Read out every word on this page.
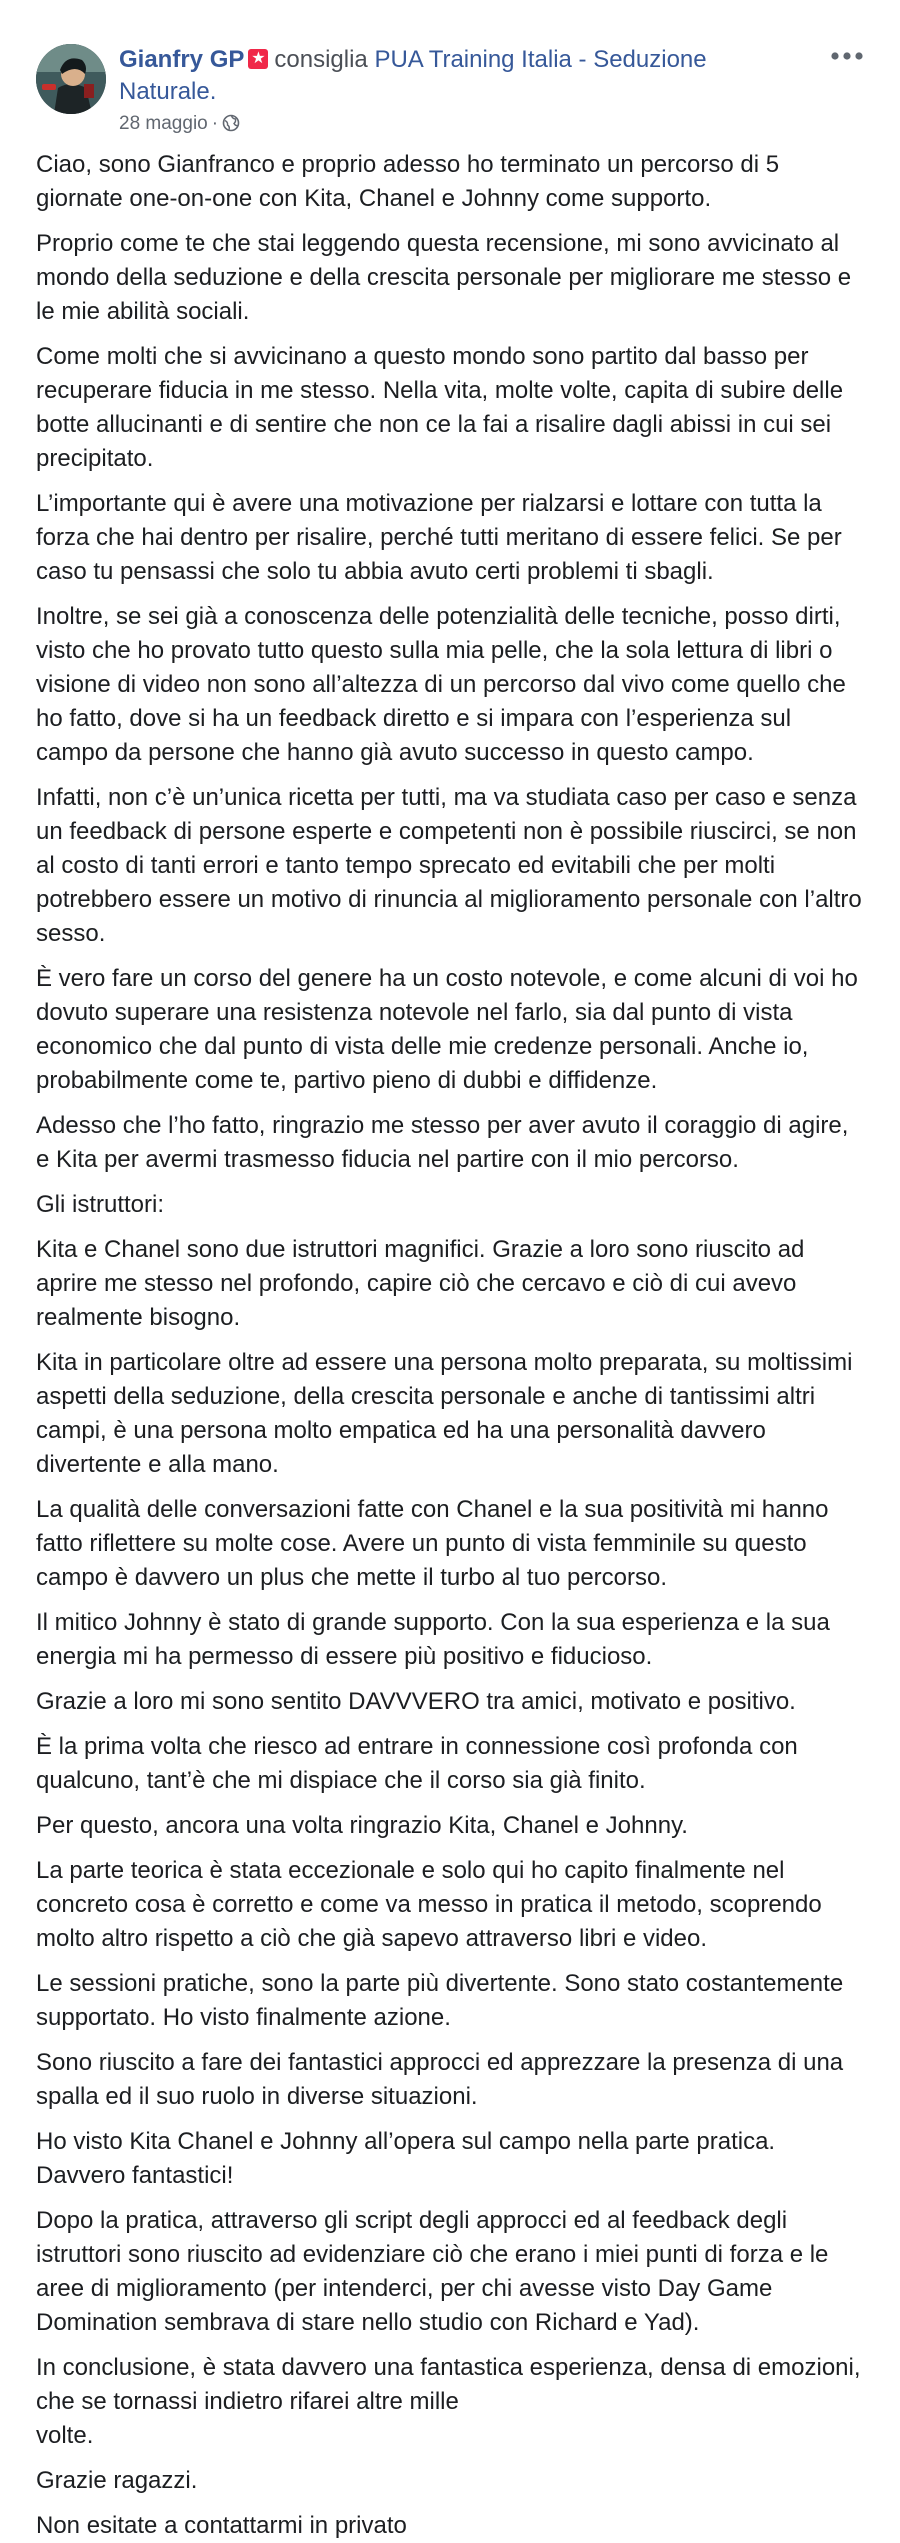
Gianfry GP★ consiglia PUA Training Italia - Seduzione Naturale.
28 maggio ·

Ciao, sono Gianfranco e proprio adesso ho terminato un percorso di 5 giornate one-on-one con Kita, Chanel e Johnny come supporto.

Proprio come te che stai leggendo questa recensione, mi sono avvicinato al mondo della seduzione e della crescita personale per migliorare me stesso e le mie abilità sociali.

Come molti che si avvicinano a questo mondo sono partito dal basso per recuperare fiducia in me stesso. Nella vita, molte volte, capita di subire delle botte allucinanti e di sentire che non ce la fai a risalire dagli abissi in cui sei precipitato.

L’importante qui è avere una motivazione per rialzarsi e lottare con tutta la forza che hai dentro per risalire, perché tutti meritano di essere felici. Se per caso tu pensassi che solo tu abbia avuto certi problemi ti sbagli.

Inoltre, se sei già a conoscenza delle potenzialità delle tecniche, posso dirti, visto che ho provato tutto questo sulla mia pelle, che la sola lettura di libri o visione di video non sono all’altezza di un percorso dal vivo come quello che ho fatto, dove si ha un feedback diretto e si impara con l’esperienza sul campo da persone che hanno già avuto successo in questo campo.

Infatti, non c’è un’unica ricetta per tutti, ma va studiata caso per caso e senza un feedback di persone esperte e competenti non è possibile riuscirci, se non al costo di tanti errori e tanto tempo sprecato ed evitabili che per molti potrebbero essere un motivo di rinuncia al miglioramento personale con l’altro sesso.

È vero fare un corso del genere ha un costo notevole, e come alcuni di voi ho dovuto superare una resistenza notevole nel farlo, sia dal punto di vista economico che dal punto di vista delle mie credenze personali. Anche io, probabilmente come te, partivo pieno di dubbi e diffidenze.

Adesso che l’ho fatto, ringrazio me stesso per aver avuto il coraggio di agire, e Kita per avermi trasmesso fiducia nel partire con il mio percorso.

Gli istruttori:

Kita e Chanel sono due istruttori magnifici. Grazie a loro sono riuscito ad aprire me stesso nel profondo, capire ciò che cercavo e ciò di cui avevo realmente bisogno.

Kita in particolare oltre ad essere una persona molto preparata, su moltissimi aspetti della seduzione, della crescita personale e anche di tantissimi altri campi, è una persona molto empatica ed ha una personalità davvero divertente e alla mano.

La qualità delle conversazioni fatte con Chanel e la sua positività mi hanno fatto riflettere su molte cose. Avere un punto di vista femminile su questo campo è davvero un plus che mette il turbo al tuo percorso.

Il mitico Johnny è stato di grande supporto. Con la sua esperienza e la sua energia mi ha permesso di essere più positivo e fiducioso.

Grazie a loro mi sono sentito DAVVVERO tra amici, motivato e positivo.

È la prima volta che riesco ad entrare in connessione così profonda con qualcuno, tant’è che mi dispiace che il corso sia già finito.

Per questo, ancora una volta ringrazio Kita, Chanel e Johnny.

La parte teorica è stata eccezionale e solo qui ho capito finalmente nel concreto cosa è corretto e come va messo in pratica il metodo, scoprendo molto altro rispetto a ciò che già sapevo attraverso libri e video.

Le sessioni pratiche, sono la parte più divertente. Sono stato costantemente supportato. Ho visto finalmente azione.

Sono riuscito a fare dei fantastici approcci ed apprezzare la presenza di una spalla ed il suo ruolo in diverse situazioni.

Ho visto Kita Chanel e Johnny all’opera sul campo nella parte pratica. Davvero fantastici!

Dopo la pratica, attraverso gli script degli approcci ed al feedback degli istruttori sono riuscito ad evidenziare ciò che erano i miei punti di forza e le aree di miglioramento (per intenderci, per chi avesse visto Day Game Domination sembrava di stare nello studio con Richard e Yad).

In conclusione, è stata davvero una fantastica esperienza, densa di emozioni, che se tornassi indietro rifarei altre mille
volte.

Grazie ragazzi.

Non esitate a contattarmi in privato
